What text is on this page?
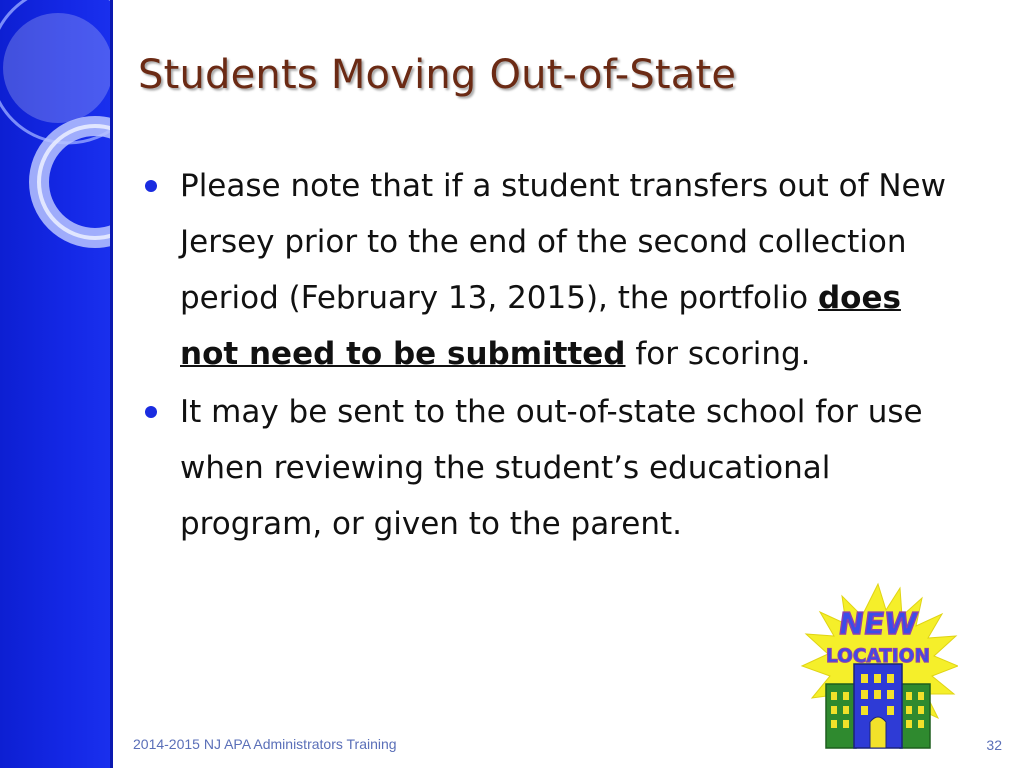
Students Moving Out-of-State
Please note that if a student transfers out of New Jersey prior to the end of the second collection period (February 13, 2015), the portfolio does not need to be submitted for scoring.
It may be sent to the out-of-state school for use when reviewing the student’s educational program, or given to the parent.
NEW
LOCATION
2014-2015 NJ APA Administrators Training	32
